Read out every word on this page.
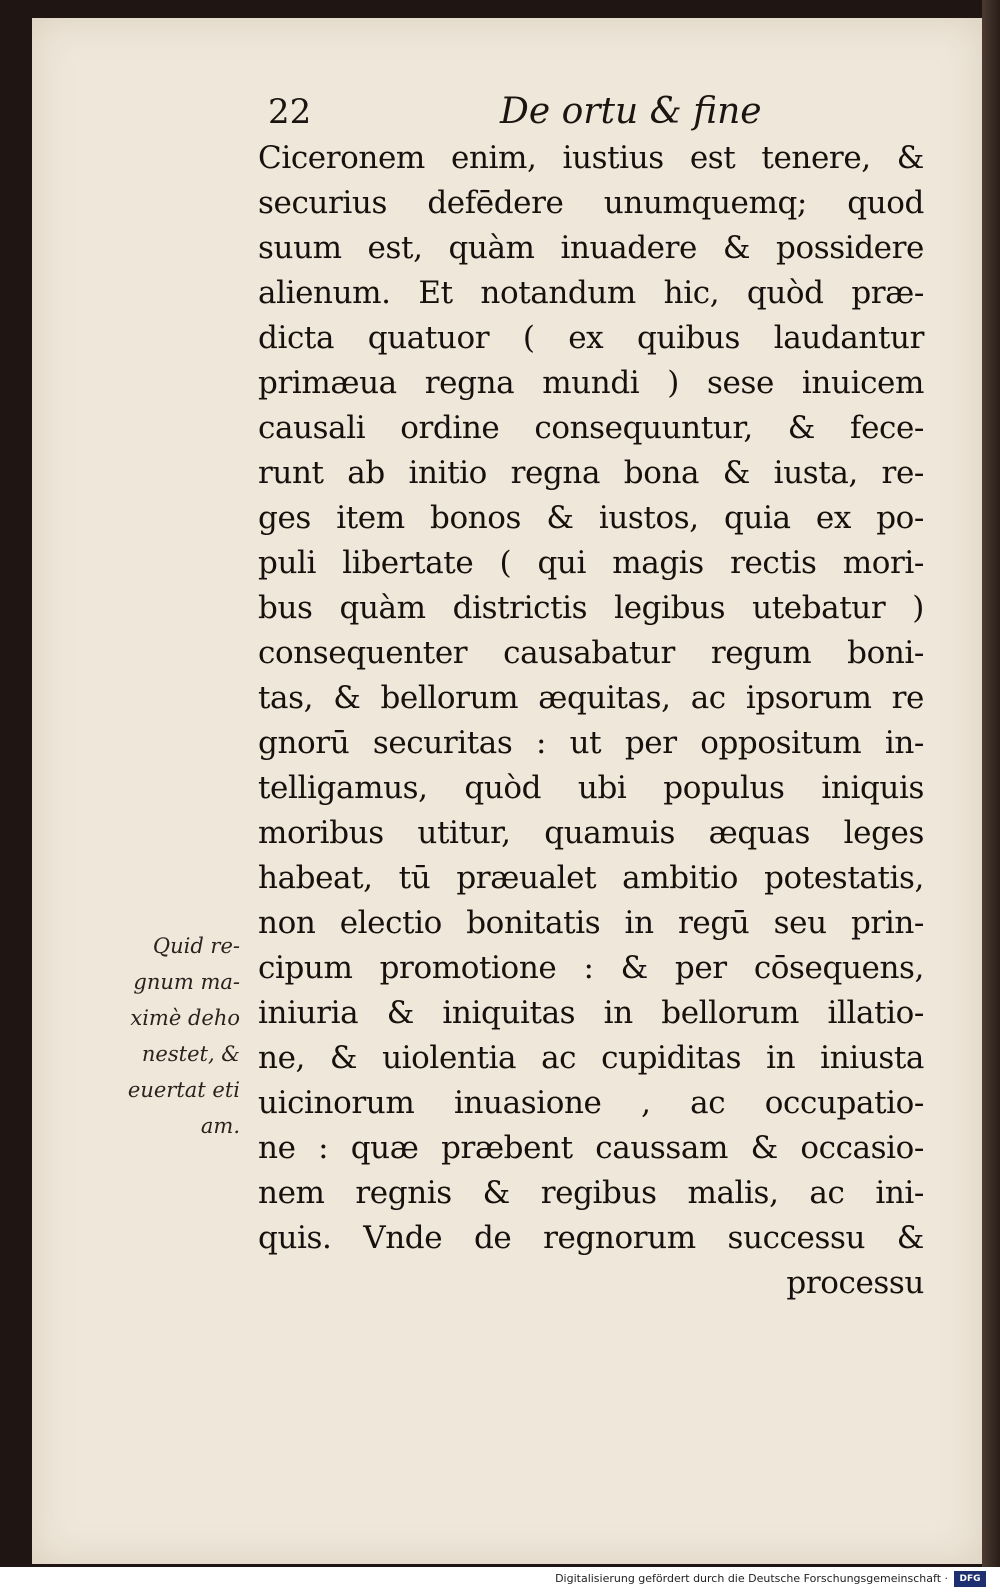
22	De ortu & fine
Ciceronem enim, iustius est tenere, &
securius defēdere unumquemq; quod
suum est, quàm inuadere & possidere
alienum. Et notandum hic, quòd præ-
dicta quatuor ( ex quibus laudantur
primæua regna mundi ) sese inuicem
causali ordine consequuntur, & fece-
runt ab initio regna bona & iusta, re-
ges item bonos & iustos, quia ex po-
puli libertate ( qui magis rectis mori-
bus quàm districtis legibus utebatur )
consequenter causabatur regum boni-
tas, & bellorum æquitas, ac ipsorum re
gnorū securitas : ut per oppositum in-
telligamus, quòd ubi populus iniquis
moribus utitur, quamuis æquas leges
habeat, tū præualet ambitio potestatis,
non electio bonitatis in regū seu prin-
cipum promotione : & per cōsequens,
iniuria & iniquitas in bellorum illatio-
ne, & uiolentia ac cupiditas in iniusta
uicinorum inuasione , ac occupatio-
ne : quæ præbent caussam & occasio-
nem regnis & regibus malis, ac ini-
quis. Vnde de regnorum successu &
processu
Quid re-
gnum ma-
ximè deho
nestet, &
euertat eti
am.
Digitalisierung gefördert durch die Deutsche Forschungsgemeinschaft ·	DFG
